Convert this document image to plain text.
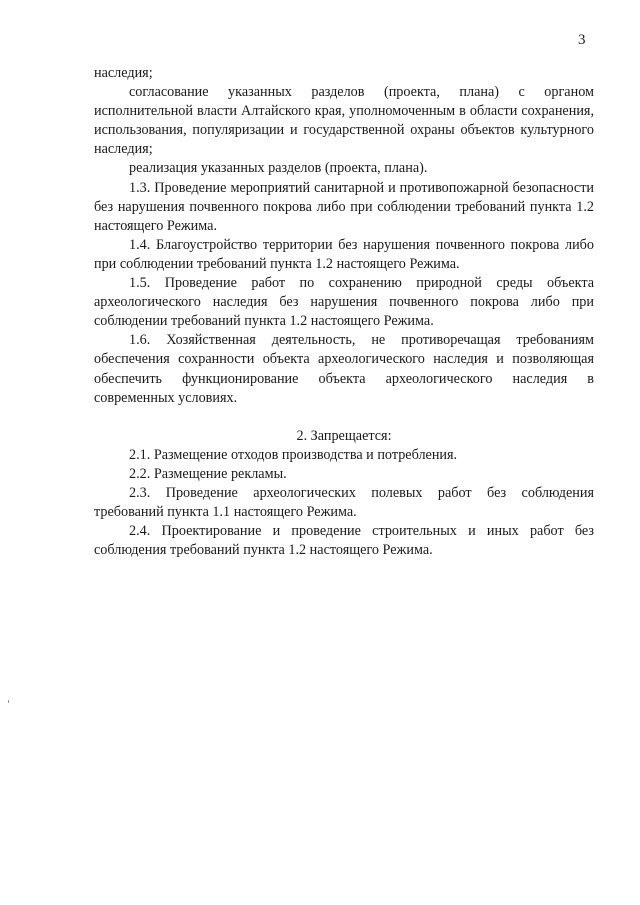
3

наследия;

согласование указанных разделов (проекта, плана) с органом исполнительной власти Алтайского края, уполномоченным в области сохранения, использования, популяризации и государственной охраны объектов культурного наследия;

реализация указанных разделов (проекта, плана).

1.3. Проведение мероприятий санитарной и противопожарной безопасности без нарушения почвенного покрова либо при соблюдении требований пункта 1.2 настоящего Режима.

1.4. Благоустройство территории без нарушения почвенного покрова либо при соблюдении требований пункта 1.2 настоящего Режима.

1.5. Проведение работ по сохранению природной среды объекта археологического наследия без нарушения почвенного покрова либо при соблюдении требований пункта 1.2 настоящего Режима.

1.6. Хозяйственная деятельность, не противоречащая требованиям обеспечения сохранности объекта археологического наследия и позволяющая обеспечить функционирование объекта археологического наследия в современных условиях.

2. Запрещается:

2.1. Размещение отходов производства и потребления.

2.2. Размещение рекламы.

2.3. Проведение археологических полевых работ без соблюдения требований пункта 1.1 настоящего Режима.

2.4. Проектирование и проведение строительных и иных работ без соблюдения требований пункта 1.2 настоящего Режима.
